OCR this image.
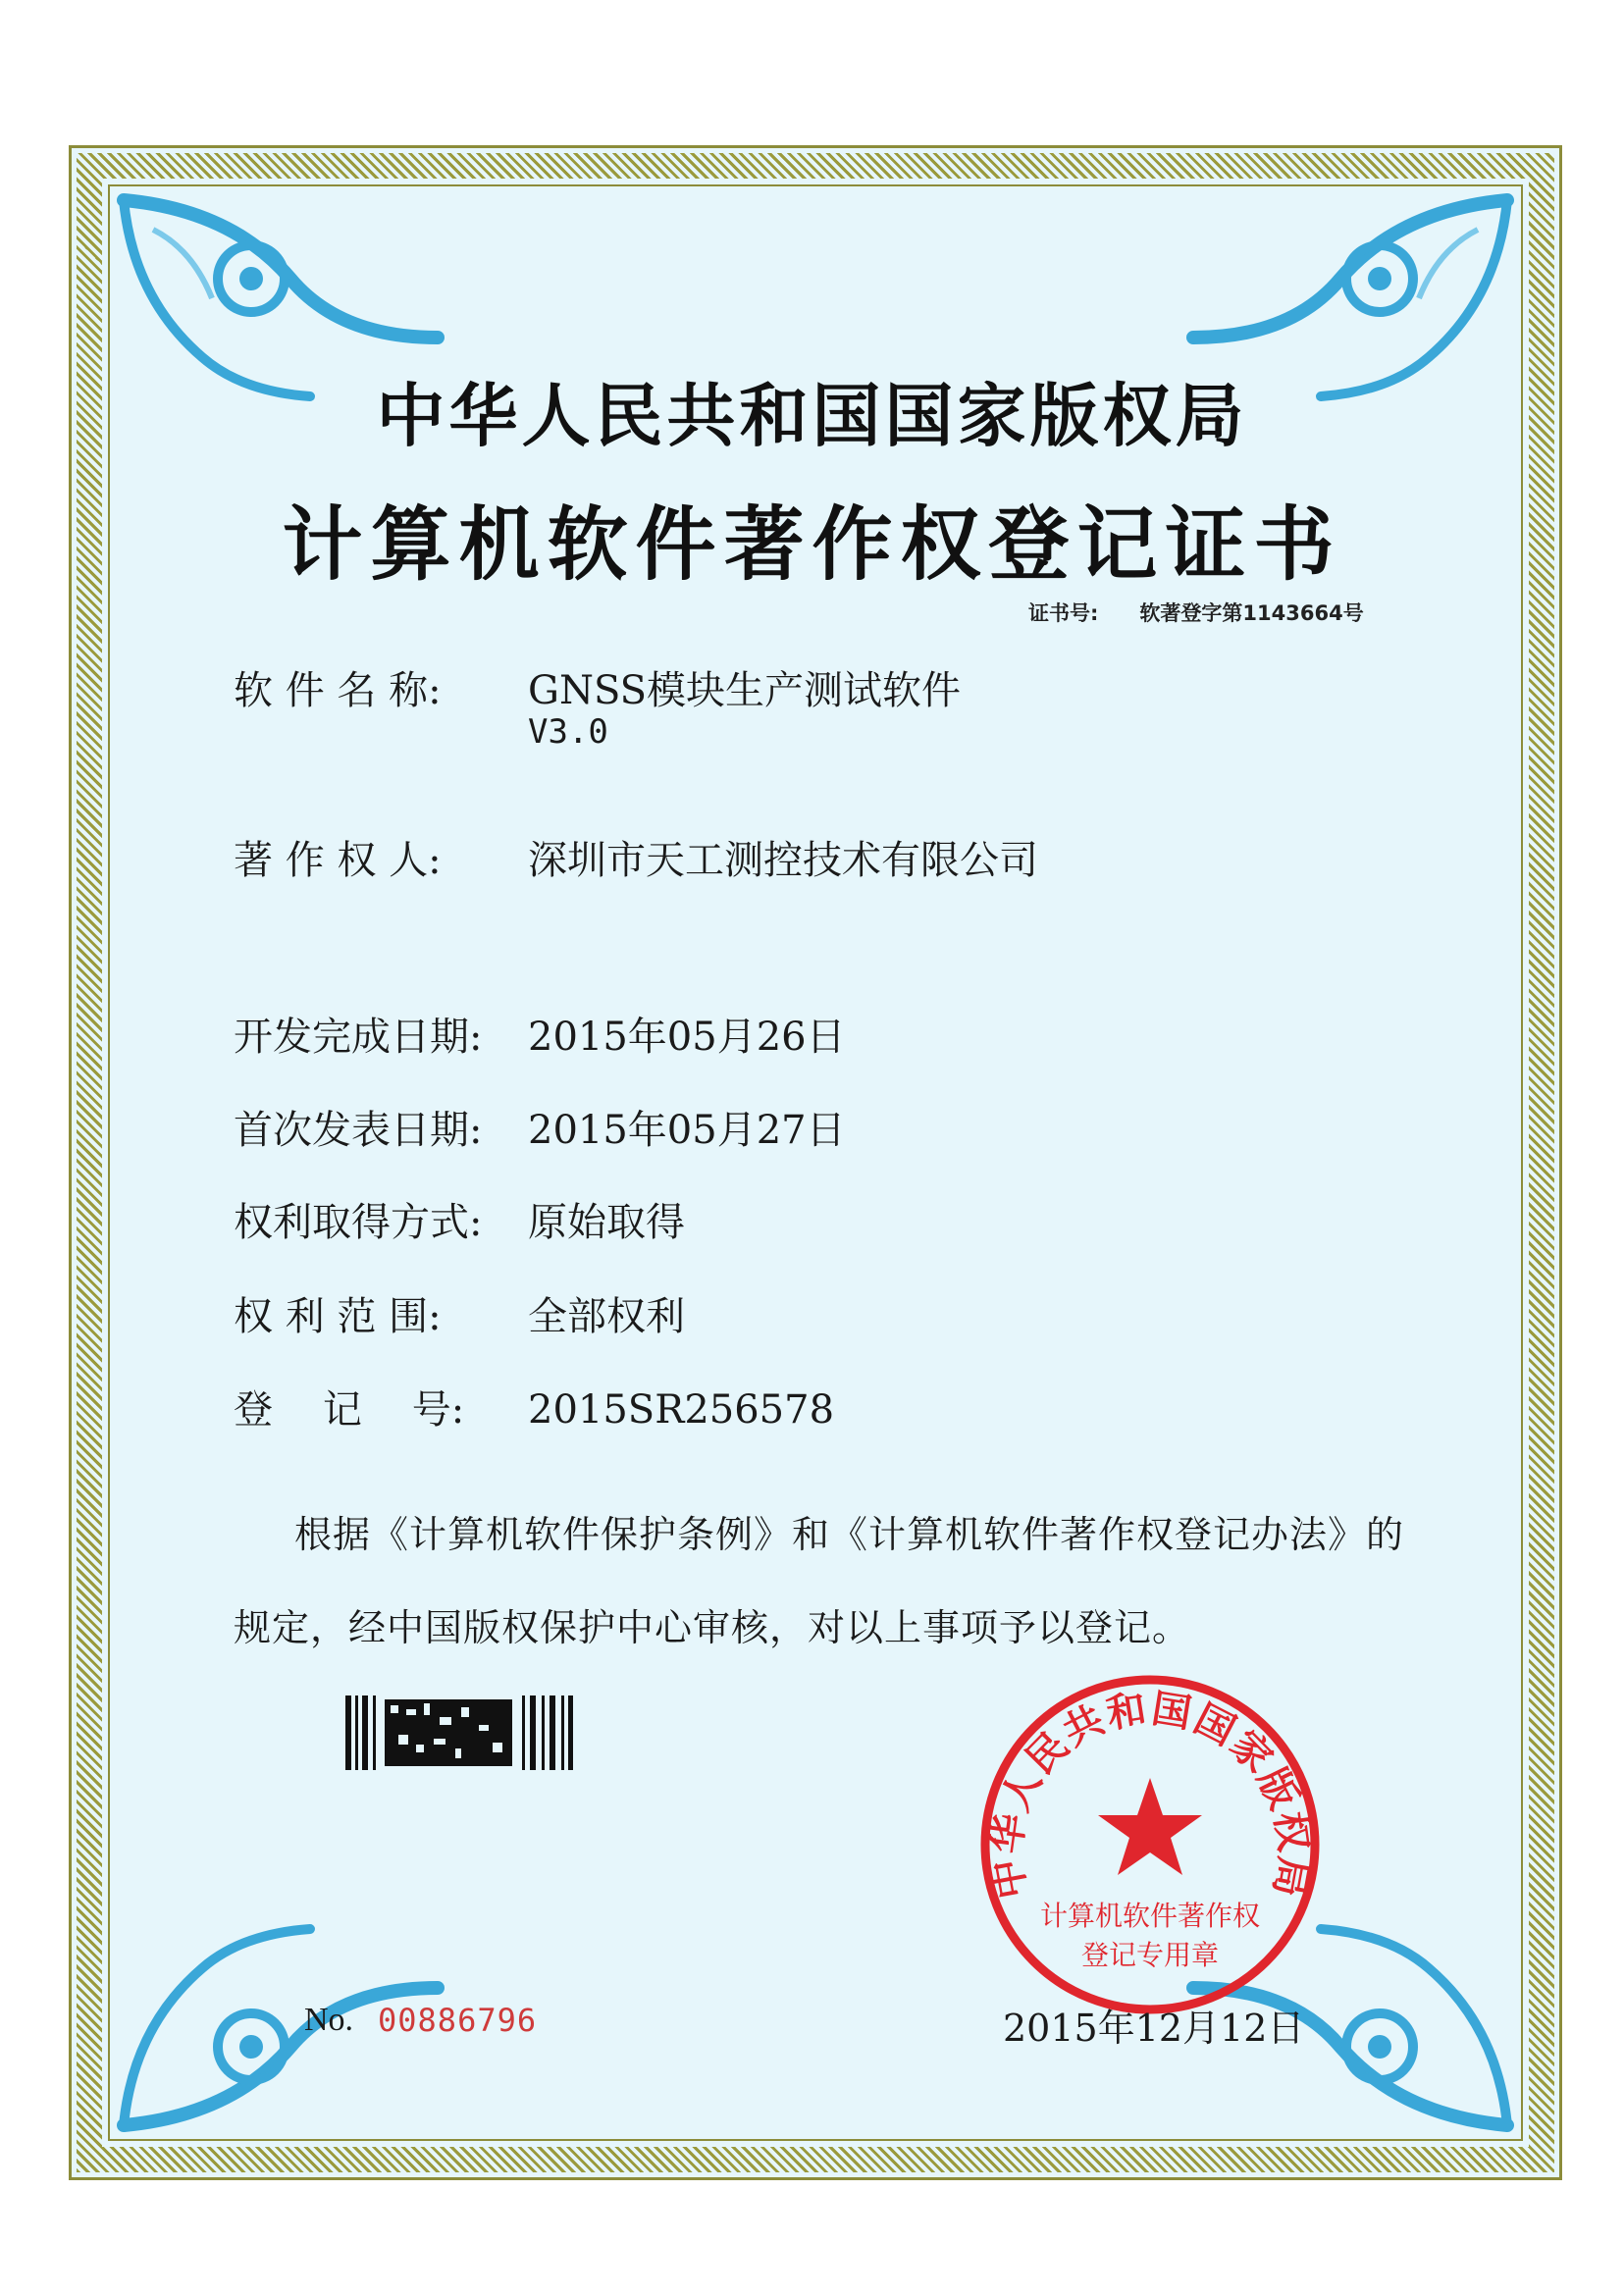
中华人民共和国国家版权局
计算机软件著作权登记证书
证书号: 软著登字第1143664号
软 件 名 称: GNSS模块生产测试软件
V3.0
著 作 权 人: 深圳市天工测控技术有限公司
开发完成日期: 2015年05月26日
首次发表日期: 2015年05月27日
权利取得方式: 原始取得
权 利 范 围: 全部权利
登    记    号: 2015SR256578
根据《计算机软件保护条例》和《计算机软件著作权登记办法》的
规定，经中国版权保护中心审核，对以上事项予以登记。
中华人民共和国国家版权局
计算机软件著作权
登记专用章
No. 00886796	2015年12月12日
